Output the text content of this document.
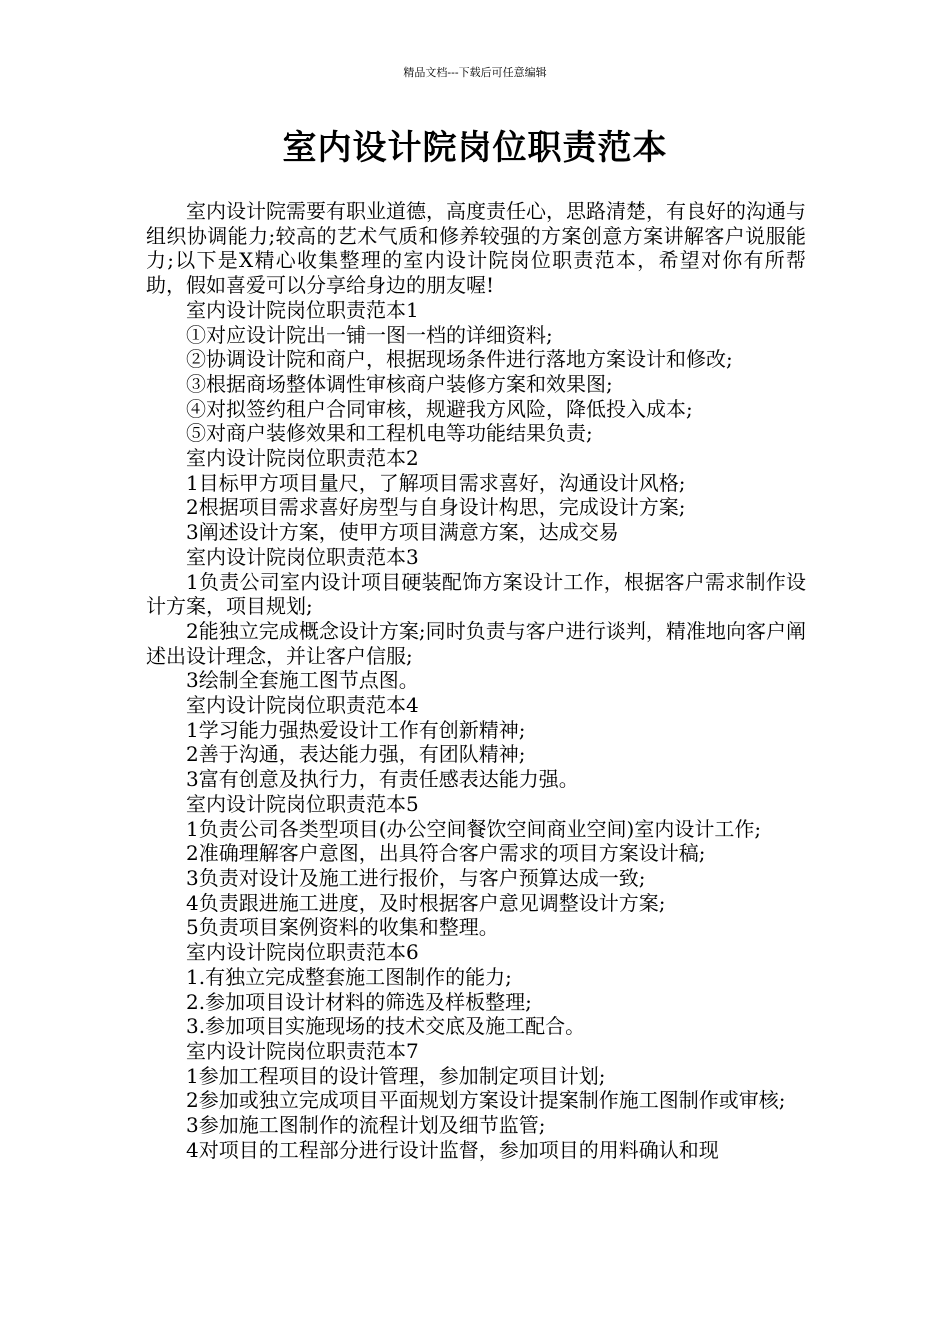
精品文档---下载后可任意编辑
室内设计院岗位职责范本

室内设计院需要有职业道德，高度责任心，思路清楚，有良好的沟通与组织协调能力;较高的艺术气质和修养较强的方案创意方案讲解客户说服能力;以下是X精心收集整理的室内设计院岗位职责范本，希望对你有所帮助，假如喜爱可以分享给身边的朋友喔!

室内设计院岗位职责范本1

①对应设计院出一铺一图一档的详细资料;

②协调设计院和商户，根据现场条件进行落地方案设计和修改;

③根据商场整体调性审核商户装修方案和效果图;

④对拟签约租户合同审核，规避我方风险，降低投入成本;

⑤对商户装修效果和工程机电等功能结果负责;

室内设计院岗位职责范本2

1目标甲方项目量尺，了解项目需求喜好，沟通设计风格;

2根据项目需求喜好房型与自身设计构思，完成设计方案;

3阐述设计方案，使甲方项目满意方案，达成交易

室内设计院岗位职责范本3

1负责公司室内设计项目硬装配饰方案设计工作，根据客户需求制作设计方案，项目规划;

2能独立完成概念设计方案;同时负责与客户进行谈判，精准地向客户阐述出设计理念，并让客户信服;

3绘制全套施工图节点图。

室内设计院岗位职责范本4

1学习能力强热爱设计工作有创新精神;

2善于沟通，表达能力强，有团队精神;

3富有创意及执行力，有责任感表达能力强。

室内设计院岗位职责范本5

1负责公司各类型项目(办公空间餐饮空间商业空间)室内设计工作;

2准确理解客户意图，出具符合客户需求的项目方案设计稿;

3负责对设计及施工进行报价，与客户预算达成一致;

4负责跟进施工进度，及时根据客户意见调整设计方案;

5负责项目案例资料的收集和整理。

室内设计院岗位职责范本6

1.有独立完成整套施工图制作的能力;

2.参加项目设计材料的筛选及样板整理;

3.参加项目实施现场的技术交底及施工配合。

室内设计院岗位职责范本7

1参加工程项目的设计管理，参加制定项目计划;

2参加或独立完成项目平面规划方案设计提案制作施工图制作或审核;

3参加施工图制作的流程计划及细节监管;

4对项目的工程部分进行设计监督，参加项目的用料确认和现
